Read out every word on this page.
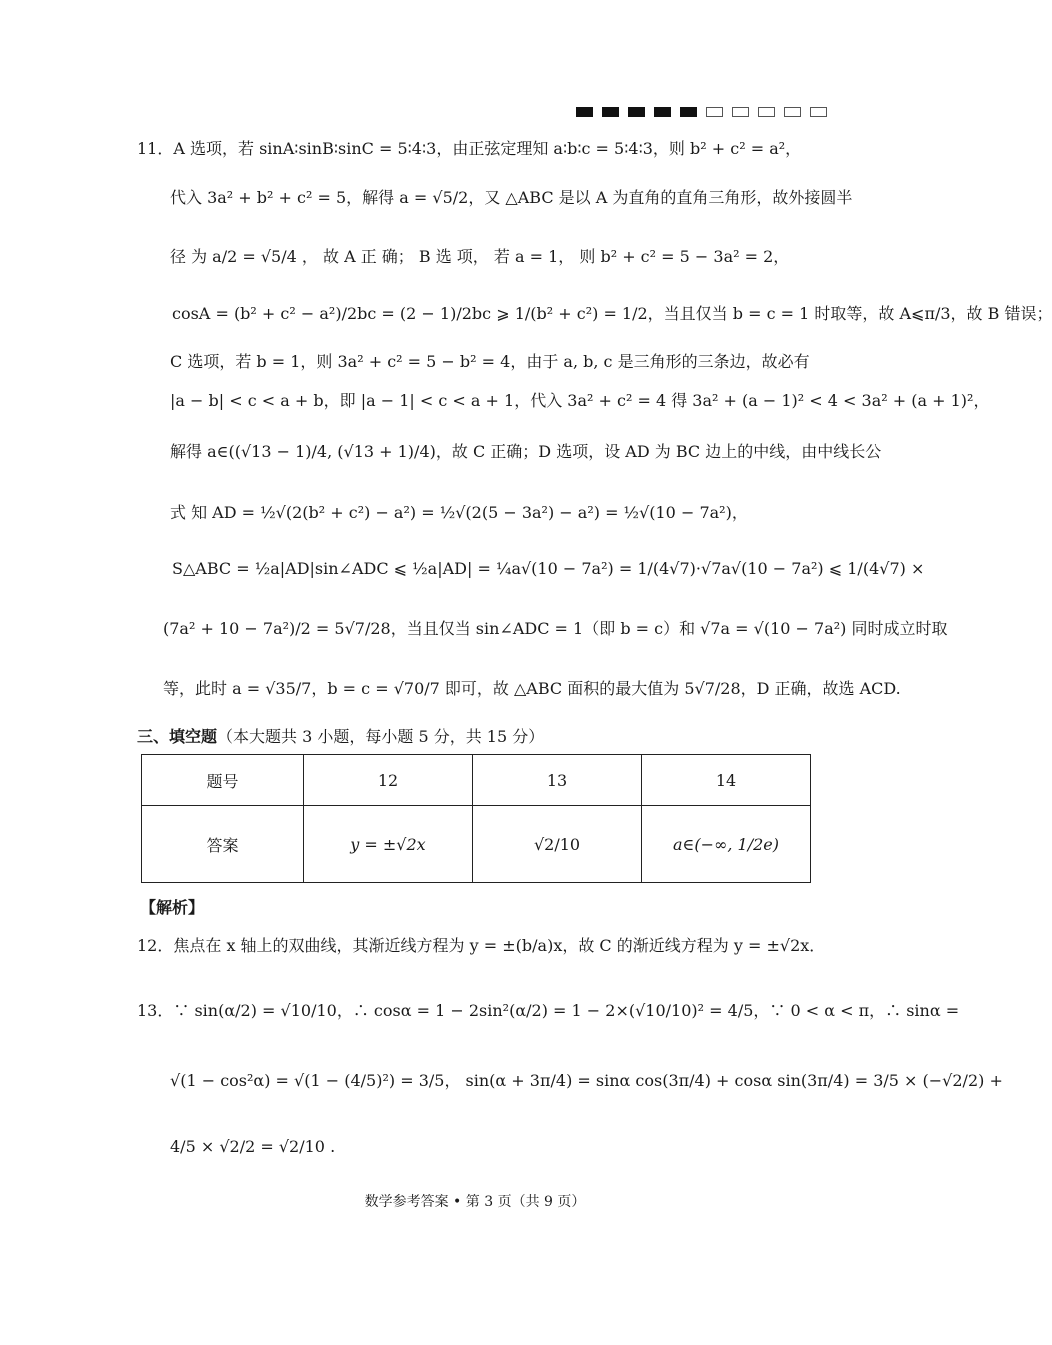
11．A 选项，若 sinA∶sinB∶sinC = 5∶4∶3，由正弦定理知 a∶b∶c = 5∶4∶3，则 b² + c² = a²，
代入 3a² + b² + c² = 5，解得 a = √5/2，又 △ABC 是以 A 为直角的直角三角形，故外接圆半
径 为 a/2 = √5/4 ， 故 A 正 确； B 选 项， 若 a = 1， 则 b² + c² = 5 − 3a² = 2，
cosA = (b² + c² − a²)/2bc = (2 − 1)/2bc ⩾ 1/(b² + c²) = 1/2，当且仅当 b = c = 1 时取等，故 A⩽π/3，故 B 错误；
C 选项，若 b = 1，则 3a² + c² = 5 − b² = 4，由于 a, b, c 是三角形的三条边，故必有
|a − b| < c < a + b，即 |a − 1| < c < a + 1，代入 3a² + c² = 4 得 3a² + (a − 1)² < 4 < 3a² + (a + 1)²，
解得 a∈((√13 − 1)/4, (√13 + 1)/4)，故 C 正确；D 选项，设 AD 为 BC 边上的中线，由中线长公
式 知 AD = ½√(2(b² + c²) − a²) = ½√(2(5 − 3a²) − a²) = ½√(10 − 7a²)，
S△ABC = ½a|AD|sin∠ADC ⩽ ½a|AD| = ¼a√(10 − 7a²) = 1/(4√7)·√7a√(10 − 7a²) ⩽ 1/(4√7) ×
(7a² + 10 − 7a²)/2 = 5√7/28，当且仅当 sin∠ADC = 1（即 b = c）和 √7a = √(10 − 7a²) 同时成立时取
等，此时 a = √35/7，b = c = √70/7 即可，故 △ABC 面积的最大值为 5√7/28，D 正确，故选 ACD.
三、填空题（本大题共 3 小题，每小题 5 分，共 15 分）
题号	12	13	14
答案	y = ±√2x	√2/10	a∈(−∞, 1/2e)
【解析】
12．焦点在 x 轴上的双曲线，其渐近线方程为 y = ±(b/a)x，故 C 的渐近线方程为 y = ±√2x．
13．∵ sin(α/2) = √10/10，∴ cosα = 1 − 2sin²(α/2) = 1 − 2×(√10/10)² = 4/5，∵ 0 < α < π，∴ sinα =
√(1 − cos²α) = √(1 − (4/5)²) = 3/5， sin(α + 3π/4) = sinα cos(3π/4) + cosα sin(3π/4) = 3/5 × (−√2/2) +
4/5 × √2/2 = √2/10 .
数学参考答案 • 第 3 页（共 9 页）
